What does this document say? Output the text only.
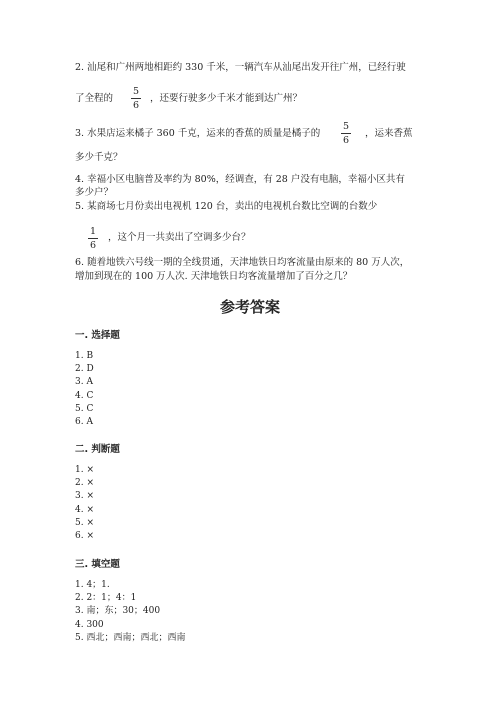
2. 汕尾和广州两地相距约 330 千米，一辆汽车从汕尾出发开往广州，已经行驶
了全程的
5
6
，还要行驶多少千米才能到达广州？
3. 水果店运来橘子 360 千克，运来的香蕉的质量是橘子的
5
6
，运来香蕉
多少千克？
4. 幸福小区电脑普及率约为 80%，经调查，有 28 户没有电脑，幸福小区共有
多少户？
5. 某商场七月份卖出电视机 120 台，卖出的电视机台数比空调的台数少
1
6
，这个月一共卖出了空调多少台？
6. 随着地铁六号线一期的全线贯通，天津地铁日均客流量由原来的 80 万人次，
增加到现在的 100 万人次. 天津地铁日均客流量增加了百分之几？
参考答案
一. 选择题
1. B
2. D
3. A
4. C
5. C
6. A
二. 判断题
1. ×
2. ×
3. ×
4. ×
5. ×
6. ×
三. 填空题
1. 4；1.
2. 2：1；4：1
3. 南；东；30；400
4. 300
5. 西北；西南；西北；西南
